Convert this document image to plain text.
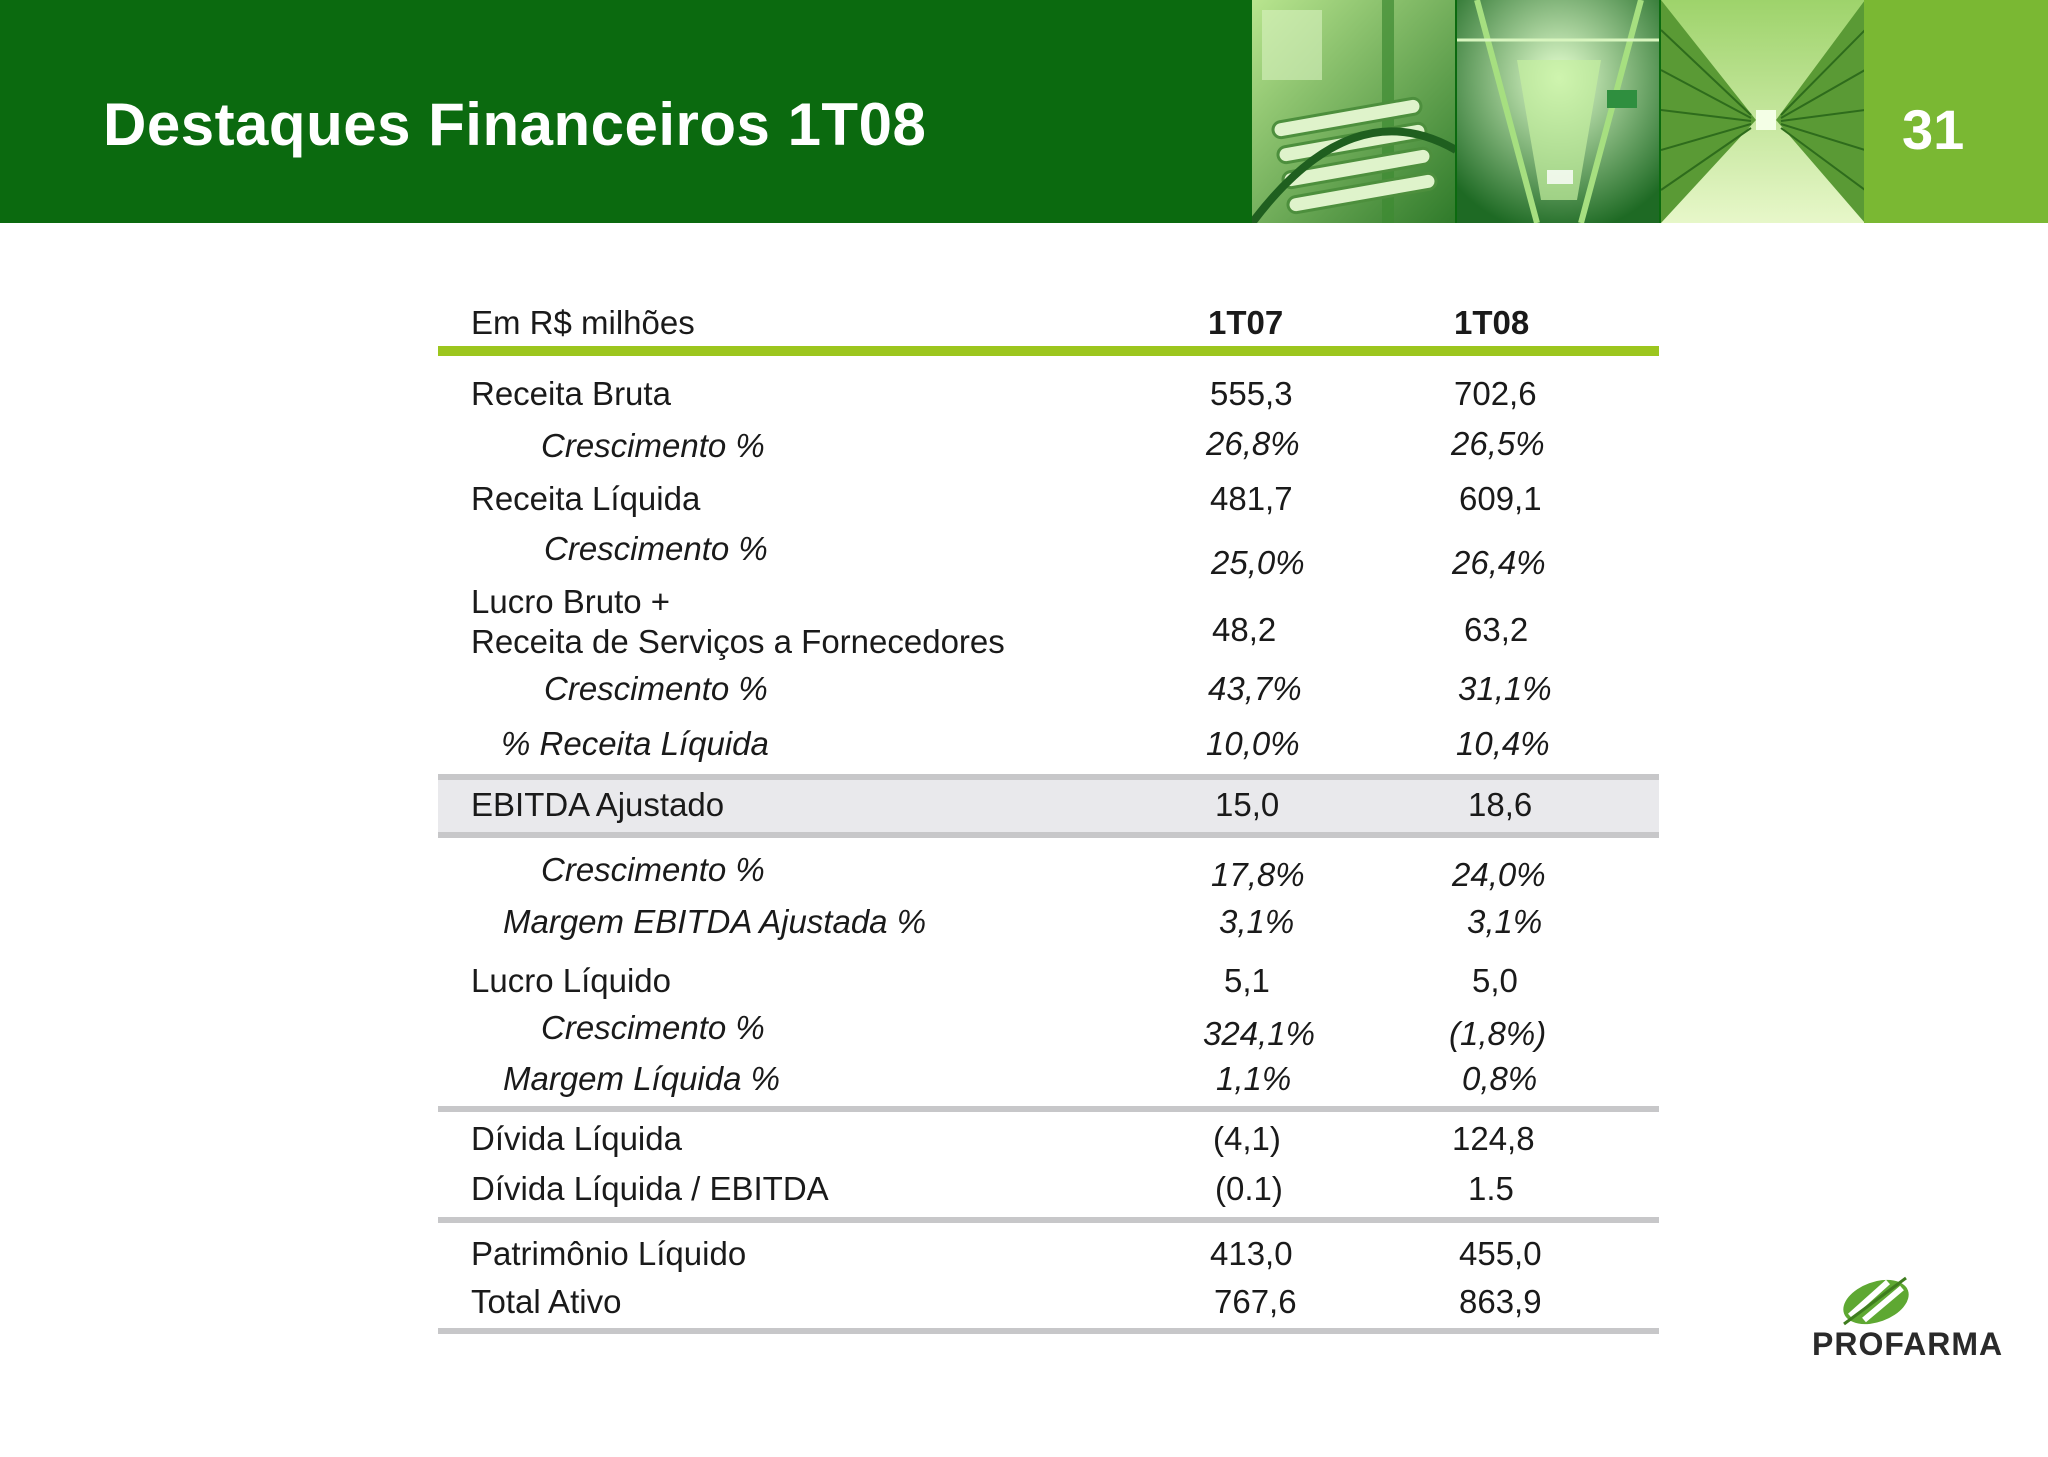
Destaques Financeiros 1T08	31
Em R$ milhões	1T07	1T08
Receita Bruta	555,3	702,6
Crescimento %	26,8%	26,5%
Receita Líquida	481,7	609,1
Crescimento %	25,0%	26,4%
Lucro Bruto +
Receita de Serviços a Fornecedores	48,2	63,2
Crescimento %	43,7%	31,1%
% Receita Líquida	10,0%	10,4%
EBITDA Ajustado	15,0	18,6
Crescimento %	17,8%	24,0%
Margem EBITDA Ajustada %	3,1%	3,1%
Lucro Líquido	5,1	5,0
Crescimento %	324,1%	(1,8%)
Margem Líquida %	1,1%	0,8%
Dívida Líquida	(4,1)	124,8
Dívida Líquida / EBITDA	(0.1)	1.5
Patrimônio Líquido	413,0	455,0
Total Ativo	767,6	863,9
PROFARMA
